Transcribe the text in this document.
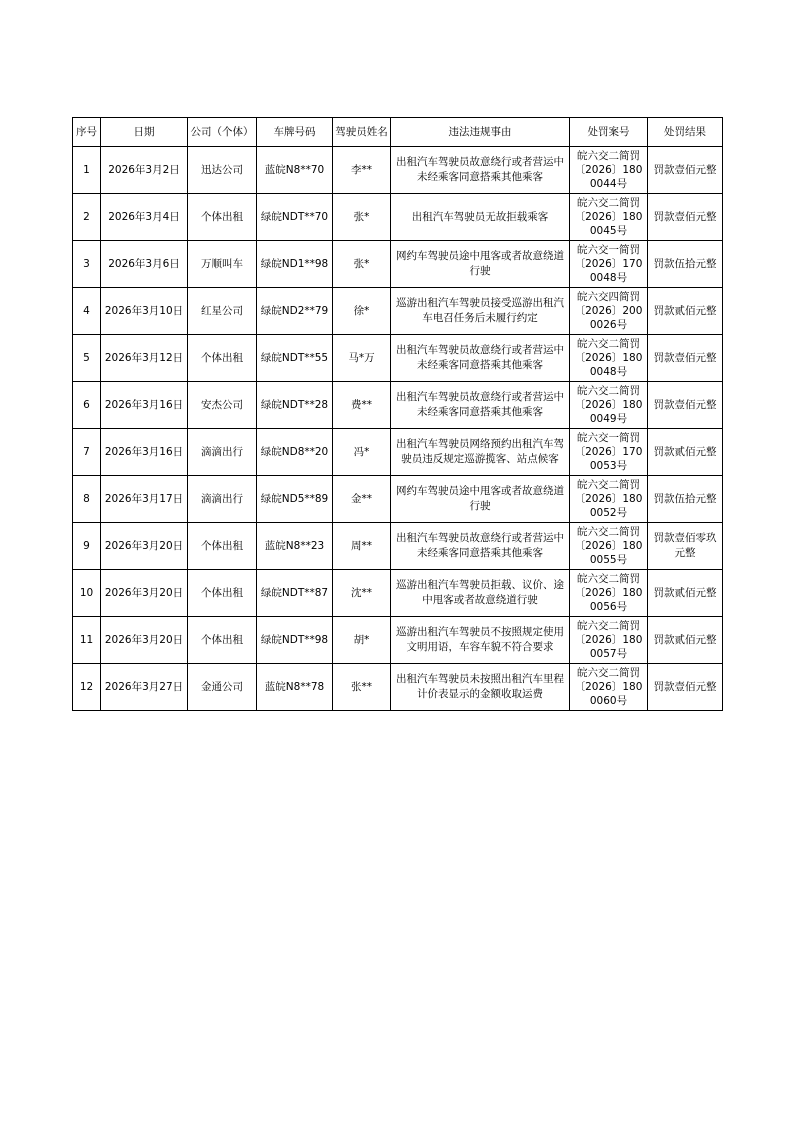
序号	日期	公司（个体）	车牌号码	驾驶员姓名	违法违规事由	处罚案号	处罚结果
1	2026年3月2日	迅达公司	蓝皖N8**70	李**	出租汽车驾驶员故意绕行或者营运中未经乘客同意搭乘其他乘客	皖六交二简罚〔2026〕1800044号	罚款壹佰元整
2	2026年3月4日	个体出租	绿皖NDT**70	张*	出租汽车驾驶员无故拒载乘客	皖六交二简罚〔2026〕1800045号	罚款壹佰元整
3	2026年3月6日	万顺叫车	绿皖ND1**98	张*	网约车驾驶员途中甩客或者故意绕道行驶	皖六交一简罚〔2026〕1700048号	罚款伍拾元整
4	2026年3月10日	红星公司	绿皖ND2**79	徐*	巡游出租汽车驾驶员接受巡游出租汽车电召任务后未履行约定	皖六交四简罚〔2026〕2000026号	罚款贰佰元整
5	2026年3月12日	个体出租	绿皖NDT**55	马*万	出租汽车驾驶员故意绕行或者营运中未经乘客同意搭乘其他乘客	皖六交二简罚〔2026〕1800048号	罚款壹佰元整
6	2026年3月16日	安杰公司	绿皖NDT**28	费**	出租汽车驾驶员故意绕行或者营运中未经乘客同意搭乘其他乘客	皖六交二简罚〔2026〕1800049号	罚款壹佰元整
7	2026年3月16日	滴滴出行	绿皖ND8**20	冯*	出租汽车驾驶员网络预约出租汽车驾驶员违反规定巡游揽客、站点候客	皖六交一简罚〔2026〕1700053号	罚款贰佰元整
8	2026年3月17日	滴滴出行	绿皖ND5**89	金**	网约车驾驶员途中甩客或者故意绕道行驶	皖六交二简罚〔2026〕1800052号	罚款伍拾元整
9	2026年3月20日	个体出租	蓝皖N8**23	周**	出租汽车驾驶员故意绕行或者营运中未经乘客同意搭乘其他乘客	皖六交二简罚〔2026〕1800055号	罚款壹佰零玖元整
10	2026年3月20日	个体出租	绿皖NDT**87	沈**	巡游出租汽车驾驶员拒载、议价、途中甩客或者故意绕道行驶	皖六交二简罚〔2026〕1800056号	罚款贰佰元整
11	2026年3月20日	个体出租	绿皖NDT**98	胡*	巡游出租汽车驾驶员不按照规定使用文明用语，车容车貌不符合要求	皖六交二简罚〔2026〕1800057号	罚款贰佰元整
12	2026年3月27日	金通公司	蓝皖N8**78	张**	出租汽车驾驶员未按照出租汽车里程计价表显示的金额收取运费	皖六交二简罚〔2026〕1800060号	罚款壹佰元整
